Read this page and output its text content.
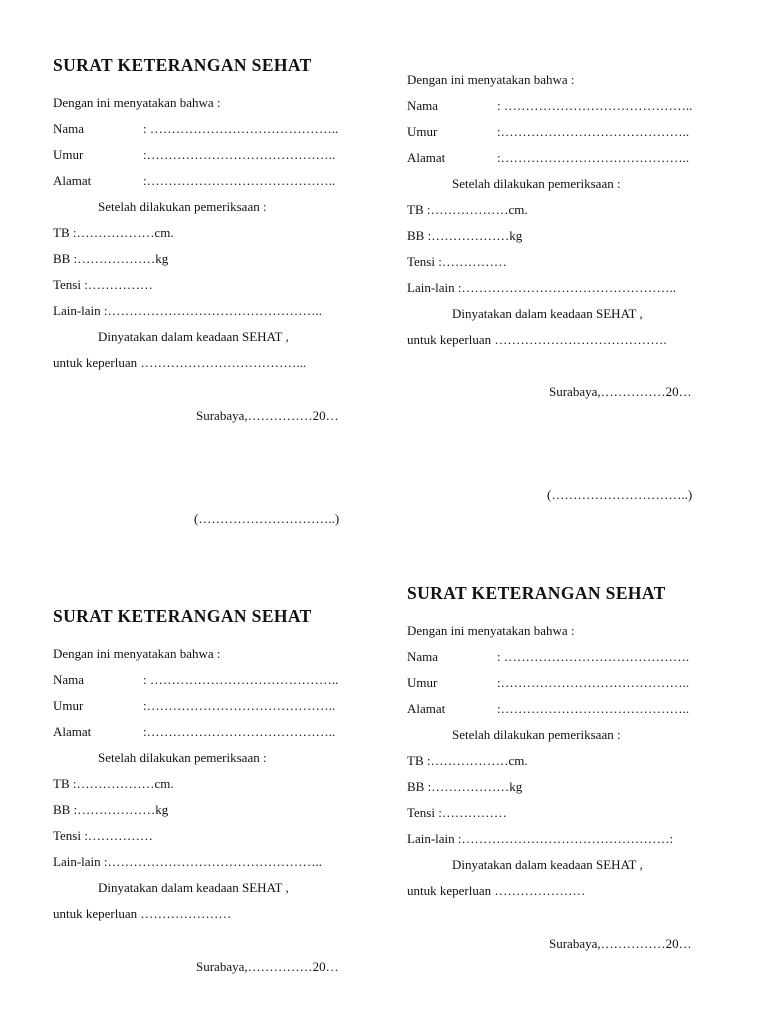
SURAT KETERANGAN SEHAT
Dengan ini menyatakan bahwa :
Nama	: ……………………………………..
Umur	:……………………………………..
Alamat	:……………………………………..
Setelah dilakukan pemeriksaan :
TB :………………cm.
BB :………………kg
Tensi :……………
Lain-lain :…………………………………………..
Dinyatakan dalam keadaan SEHAT ,
untuk keperluan ………………………………...
Surabaya,……………20…
(…………………………..)
Dengan ini menyatakan bahwa :
Nama	: ……………………………………..
Umur	:……………………………………..
Alamat	:……………………………………..
Setelah dilakukan pemeriksaan :
TB :………………cm.
BB :………………kg
Tensi :……………
Lain-lain :…………………………………………..
Dinyatakan dalam keadaan SEHAT ,
untuk keperluan ………………………………….
Surabaya,……………20…
(…………………………..)
SURAT KETERANGAN SEHAT
Dengan ini menyatakan bahwa :
Nama	: ……………………………………..
Umur	:……………………………………..
Alamat	:……………………………………..
Setelah dilakukan pemeriksaan :
TB :………………cm.
BB :………………kg
Tensi :……………
Lain-lain :…………………………………………..
Dinyatakan dalam keadaan SEHAT ,
untuk keperluan …………………
Surabaya,……………20…
SURAT KETERANGAN SEHAT
Dengan ini menyatakan bahwa :
Nama	: …………………………………….
Umur	:……………………………………..
Alamat	:……………………………………..
Setelah dilakukan pemeriksaan :
TB :………………cm.
BB :………………kg
Tensi :……………
Lain-lain :…………………………………………:
Dinyatakan dalam keadaan SEHAT ,
untuk keperluan …………………
Surabaya,……………20…
